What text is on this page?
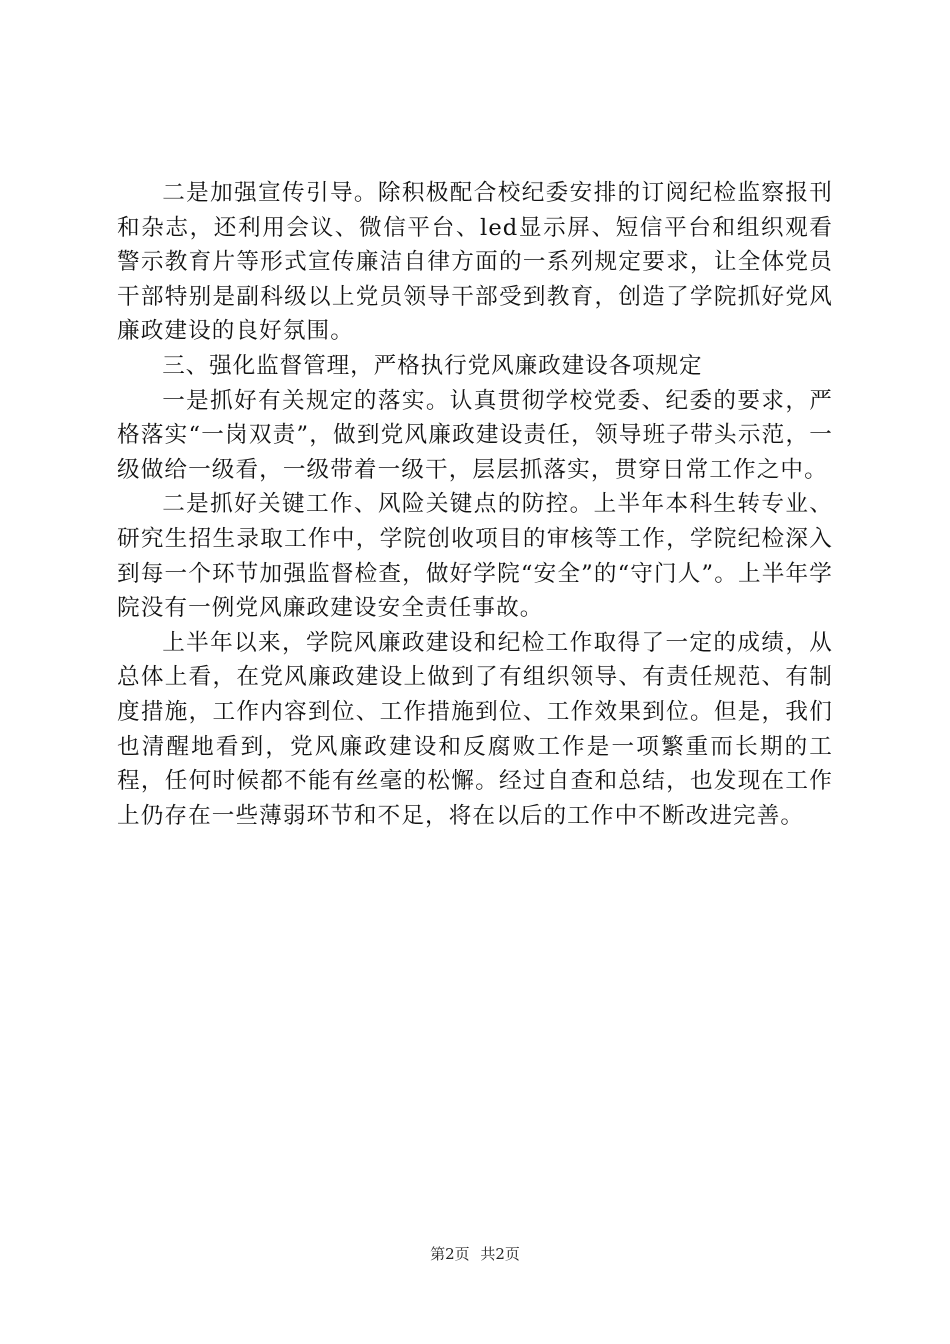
二是加强宣传引导。除积极配合校纪委安排的订阅纪检监察报刊和杂志，还利用会议、微信平台、led显示屏、短信平台和组织观看警示教育片等形式宣传廉洁自律方面的一系列规定要求，让全体党员干部特别是副科级以上党员领导干部受到教育，创造了学院抓好党风廉政建设的良好氛围。

三、强化监督管理，严格执行党风廉政建设各项规定

一是抓好有关规定的落实。认真贯彻学校党委、纪委的要求，严格落实“一岗双责”，做到党风廉政建设责任，领导班子带头示范，一级做给一级看，一级带着一级干，层层抓落实，贯穿日常工作之中。

二是抓好关键工作、风险关键点的防控。上半年本科生转专业、研究生招生录取工作中，学院创收项目的审核等工作，学院纪检深入到每一个环节加强监督检查，做好学院“安全”的“守门人”。上半年学院没有一例党风廉政建设安全责任事故。

上半年以来，学院风廉政建设和纪检工作取得了一定的成绩，从总体上看，在党风廉政建设上做到了有组织领导、有责任规范、有制度措施，工作内容到位、工作措施到位、工作效果到位。但是，我们也清醒地看到，党风廉政建设和反腐败工作是一项繁重而长期的工程，任何时候都不能有丝毫的松懈。经过自查和总结，也发现在工作上仍存在一些薄弱环节和不足，将在以后的工作中不断改进完善。

第2页 共2页
